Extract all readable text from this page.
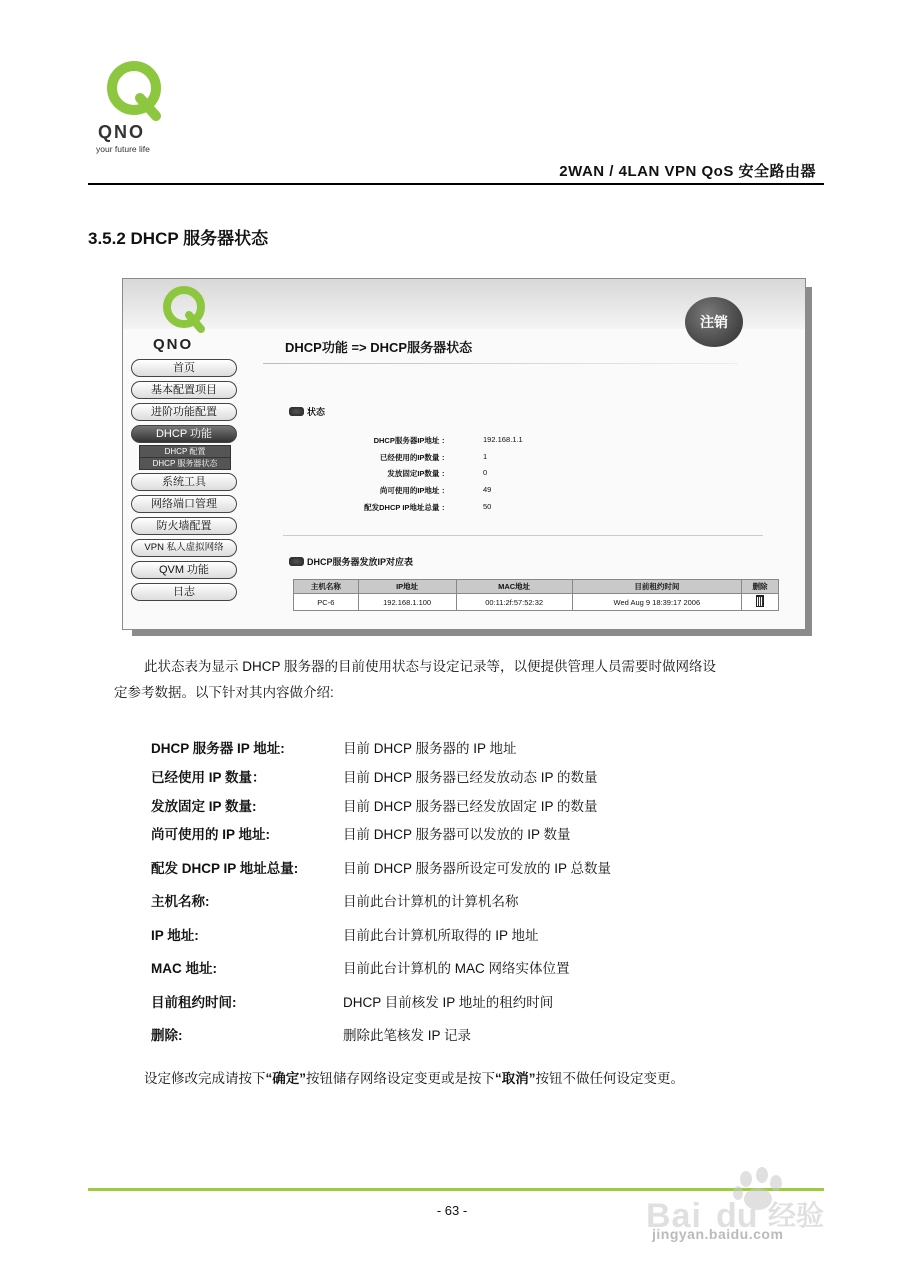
QNO
your future life
2WAN / 4LAN VPN QoS 安全路由器
3.5.2 DHCP 服务器状态
QNO
注销
DHCP功能 => DHCP服务器状态
首页
基本配置项目
进阶功能配置
DHCP 功能
DHCP 配置
DHCP 服务器状态
系统工具
网络端口管理
防火墙配置
VPN 私人虚拟网络
QVM 功能
日志
状态
DHCP服务器IP地址 ：	192.168.1.1
已经使用的IP数量 ：	1
发放固定IP数量 ：	0
尚可使用的IP地址 ：	49
配发DHCP IP地址总量 ：	50
DHCP服务器发放IP对应表
主机名称	IP地址	MAC地址	目前租约时间	删除
PC-6	192.168.1.100	00:11:2f:57:52:32	Wed Aug 9 18:39:17 2006	
此状态表为显示 DHCP 服务器的目前使用状态与设定记录等，以便提供管理人员需要时做网络设
定参考数据。以下针对其内容做介绍:
DHCP 服务器 IP 地址:	目前 DHCP 服务器的 IP 地址
已经使用 IP 数量：	目前 DHCP 服务器已经发放动态 IP 的数量
发放固定 IP 数量:	目前 DHCP 服务器已经发放固定 IP 的数量
尚可使用的 IP 地址:	目前 DHCP 服务器可以发放的 IP 数量
配发 DHCP IP 地址总量:	目前 DHCP 服务器所设定可发放的 IP 总数量
主机名称:	目前此台计算机的计算机名称
IP 地址:	目前此台计算机所取得的 IP 地址
MAC 地址:	目前此台计算机的 MAC 网络实体位置
目前租约时间:	DHCP 目前核发 IP 地址的租约时间
删除:	删除此笔核发 IP 记录
设定修改完成请按下“确定”按钮储存网络设定变更或是按下“取消”按钮不做任何设定变更。
- 63 -	Bai du 经验
jingyan.baidu.com
